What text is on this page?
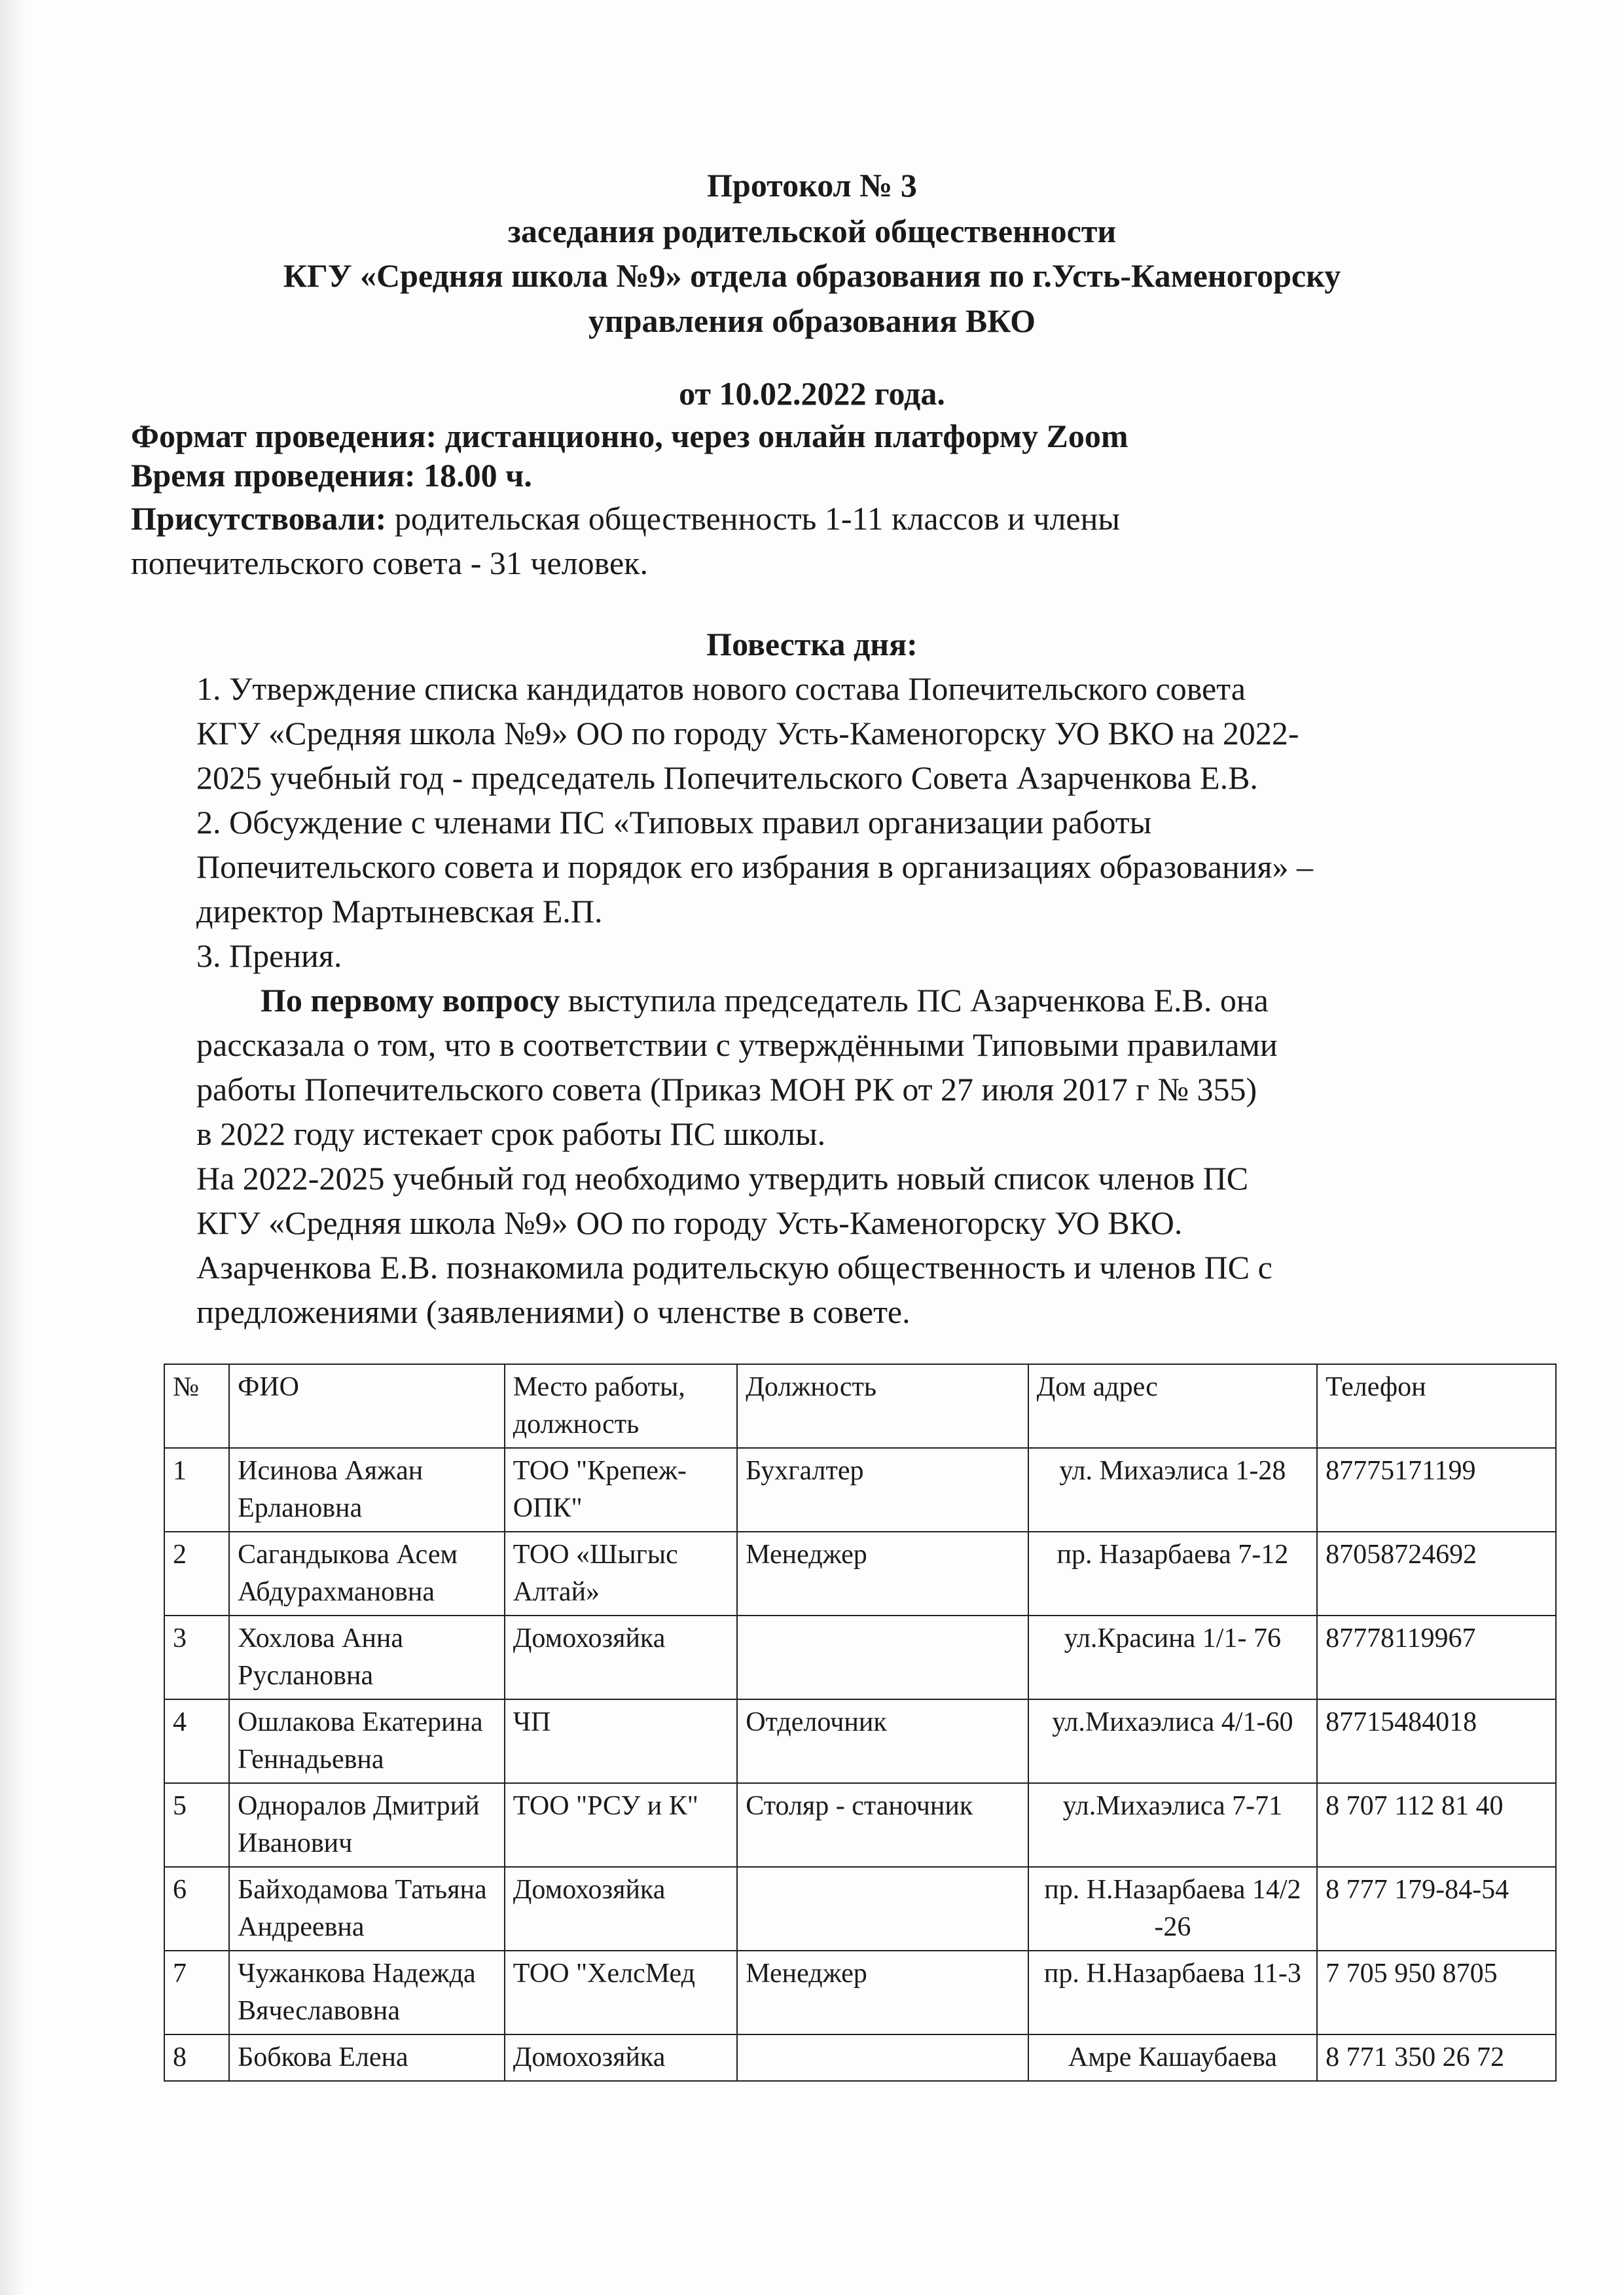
Протокол № 3
заседания родительской общественности
КГУ «Средняя школа №9» отдела образования по г.Усть-Каменогорску
управления образования ВКО
от 10.02.2022 года.
Формат проведения: дистанционно, через онлайн платформу Zoom
Время проведения: 18.00 ч.
Присутствовали: родительская общественность 1-11 классов и члены
попечительского совета - 31 человек.
Повестка дня:
1. Утверждение списка кандидатов нового состава Попечительского совета
КГУ «Средняя школа №9» ОО по городу Усть-Каменогорску УО ВКО на 2022-
2025 учебный год - председатель Попечительского Совета Азарченкова Е.В.
2. Обсуждение с членами ПС «Типовых правил организации работы
Попечительского совета и порядок его избрания в организациях образования» –
директор Мартыневская Е.П.
3. Прения.
По первому вопросу выступила председатель ПС Азарченкова Е.В. она
рассказала о том, что в соответствии с утверждёнными Типовыми правилами
работы Попечительского совета (Приказ МОН РК от 27 июля 2017 г № 355)
в 2022 году истекает срок работы ПС школы.
На 2022-2025 учебный год необходимо утвердить новый список членов ПС
КГУ «Средняя школа №9» ОО по городу Усть-Каменогорску УО ВКО.
Азарченкова Е.В. познакомила родительскую общественность и членов ПС с
предложениями (заявлениями) о членстве в совете.
№	ФИО	Место работы, должность	Должность	Дом адрес	Телефон
1	Исинова Аяжан Ерлановна	ТОО "Крепеж-ОПК"	Бухгалтер	ул. Михаэлиса 1-28	87775171199
2	Сагандыкова Асем Абдурахмановна	ТОО «Шыгыс Алтай»	Менеджер	пр. Назарбаева 7-12	87058724692
3	Хохлова Анна Руслановна	Домохозяйка		ул.Красина 1/1- 76	87778119967
4	Ошлакова Екатерина Геннадьевна	ЧП	Отделочник	ул.Михаэлиса 4/1-60	87715484018
5	Одноралов Дмитрий Иванович	ТОО "РСУ и К"	Столяр - станочник	ул.Михаэлиса 7-71	8 707 112 81 40
6	Байходамова Татьяна Андреевна	Домохозяйка		пр. Н.Назарбаева 14/2 -26	8 777 179-84-54
7	Чужанкова Надежда Вячеславовна	ТОО "ХелсМед	Менеджер	пр. Н.Назарбаева 11-3	7 705 950 8705
8	Бобкова Елена	Домохозяйка		Амре Кашаубаева	8 771 350 26 72
